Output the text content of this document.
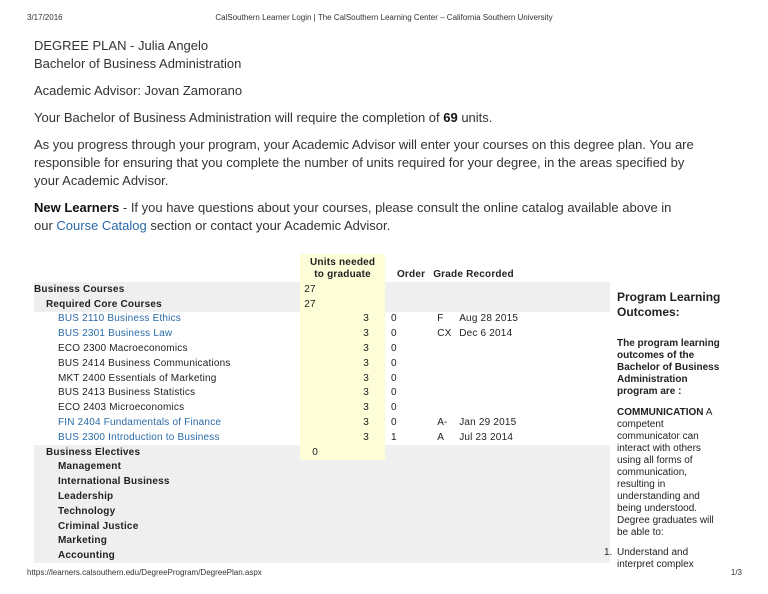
3/17/2016	CalSouthern Learner Login | The CalSouthern Learning Center – California Southern University
DEGREE PLAN - Julia Angelo
Bachelor of Business Administration
Academic Advisor: Jovan Zamorano
Your Bachelor of Business Administration will require the completion of 69 units.
As you progress through your program, your Academic Advisor will enter your courses on this degree plan. You are
responsible for ensuring that you complete the number of units required for your degree, in the areas specified by
your Academic Advisor.
New Learners - If you have questions about your courses, please consult the online catalog available above in
our Course Catalog section or contact your Academic Advisor.
	Units needed
to graduate	Order	Grade Recorded
Business Courses	27		
Required Core Courses	27		
BUS 2110 Business Ethics	3	0	F Aug 28 2015
BUS 2301 Business Law	3	0	CX Dec 6 2014
ECO 2300 Macroeconomics	3	0	
BUS 2414 Business Communications	3	0	
MKT 2400 Essentials of Marketing	3	0	
BUS 2413 Business Statistics	3	0	
ECO 2403 Microeconomics	3	0	
FIN 2404 Fundamentals of Finance	3	0	A- Jan 29 2015
BUS 2300 Introduction to Business	3	1	A Jul 23 2014
Business Electives	0		
Management			
International Business			
Leadership			
Technology			
Criminal Justice			
Marketing			
Accounting			
Program Learning
Outcomes:

The program learning
outcomes of the
Bachelor of Business
Administration
program are :

COMMUNICATION A
competent
communicator can
interact with others
using all forms of
communication,
resulting in
understanding and
being understood.
Degree graduates will
be able to:

1. Understand and
interpret complex
https://learners.calsouthern.edu/DegreeProgram/DegreePlan.aspx	1/3
